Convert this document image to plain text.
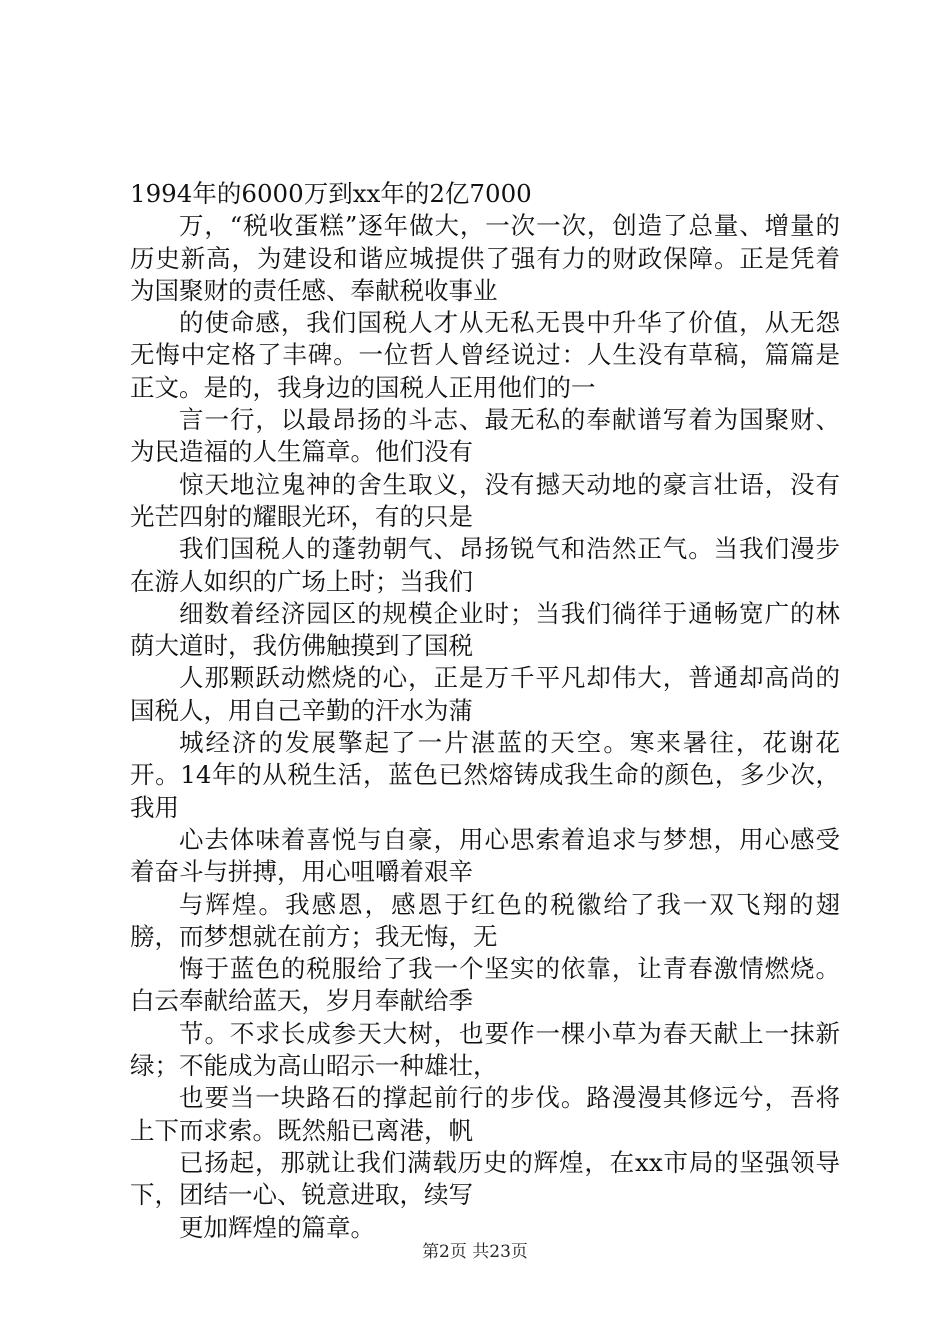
1994年的6000万到xx年的2亿7000

万，“税收蛋糕”逐年做大，一次一次，创造了总量、增量的历史新高，为建设和谐应城提供了强有力的财政保障。正是凭着为国聚财的责任感、奉献税收事业

的使命感，我们国税人才从无私无畏中升华了价值，从无怨无悔中定格了丰碑。一位哲人曾经说过：人生没有草稿，篇篇是正文。是的，我身边的国税人正用他们的一

言一行，以最昂扬的斗志、最无私的奉献谱写着为国聚财、为民造福的人生篇章。他们没有

惊天地泣鬼神的舍生取义，没有撼天动地的豪言壮语，没有光芒四射的耀眼光环，有的只是

我们国税人的蓬勃朝气、昂扬锐气和浩然正气。当我们漫步在游人如织的广场上时；当我们

细数着经济园区的规模企业时；当我们徜徉于通畅宽广的林荫大道时，我仿佛触摸到了国税

人那颗跃动燃烧的心，正是万千平凡却伟大，普通却高尚的国税人，用自己辛勤的汗水为蒲

城经济的发展擎起了一片湛蓝的天空。寒来暑往，花谢花开。14年的从税生活，蓝色已然熔铸成我生命的颜色，多少次，我用

心去体味着喜悦与自豪，用心思索着追求与梦想，用心感受着奋斗与拼搏，用心咀嚼着艰辛

与辉煌。我感恩，感恩于红色的税徽给了我一双飞翔的翅膀，而梦想就在前方；我无悔，无

悔于蓝色的税服给了我一个坚实的依靠，让青春激情燃烧。白云奉献给蓝天，岁月奉献给季

节。不求长成参天大树，也要作一棵小草为春天献上一抹新绿；不能成为高山昭示一种雄壮，

也要当一块路石的撑起前行的步伐。路漫漫其修远兮，吾将上下而求索。既然船已离港，帆

已扬起，那就让我们满载历史的辉煌，在xx市局的坚强领导下，团结一心、锐意进取，续写

更加辉煌的篇章。

第2页 共23页
